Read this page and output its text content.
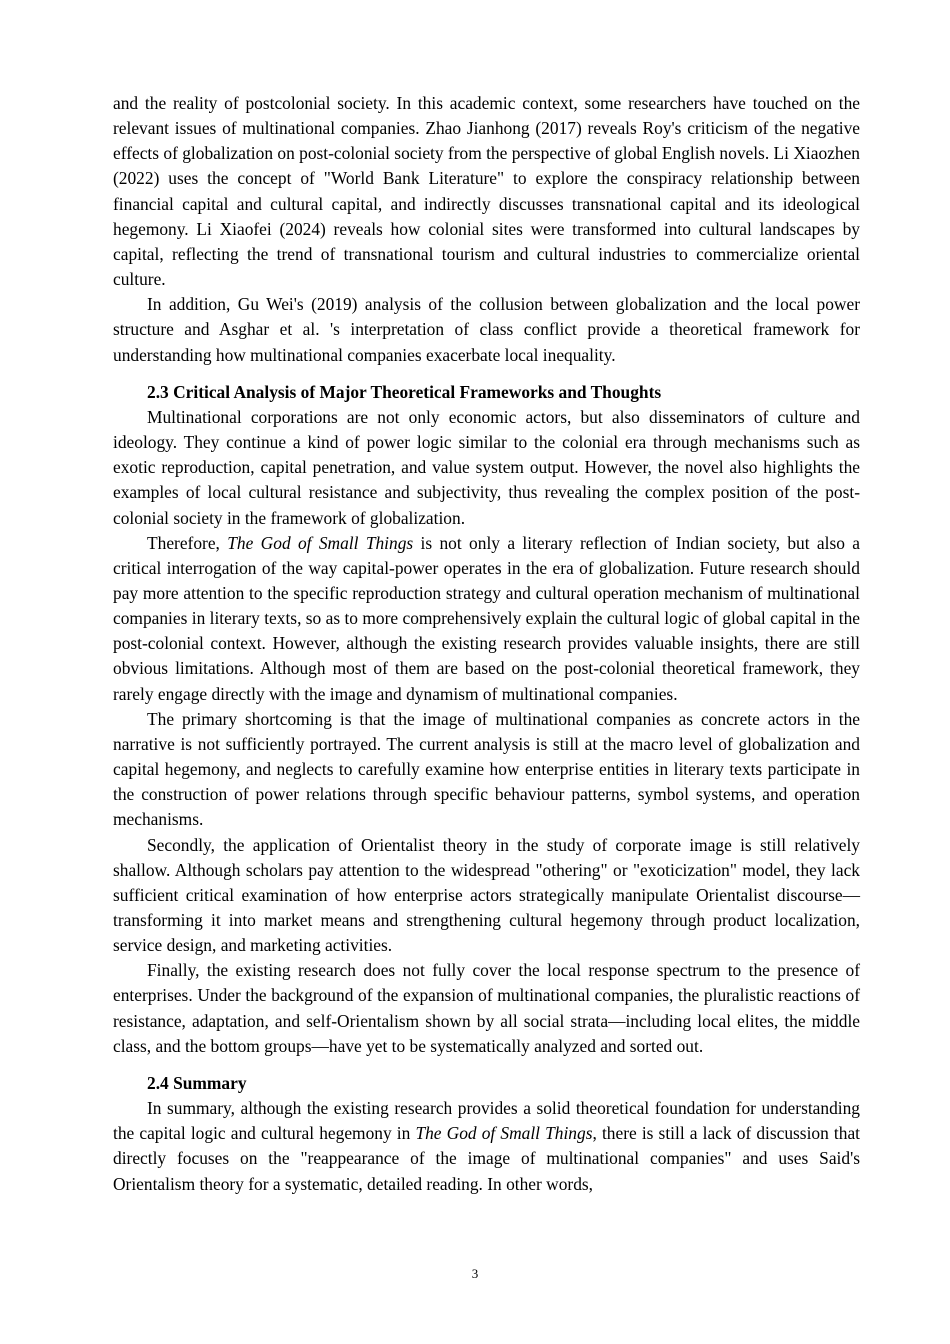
and the reality of postcolonial society. In this academic context, some researchers have touched on the relevant issues of multinational companies. Zhao Jianhong (2017) reveals Roy's criticism of the negative effects of globalization on post-colonial society from the perspective of global English novels. Li Xiaozhen (2022) uses the concept of "World Bank Literature" to explore the conspiracy relationship between financial capital and cultural capital, and indirectly discusses transnational capital and its ideological hegemony. Li Xiaofei (2024) reveals how colonial sites were transformed into cultural landscapes by capital, reflecting the trend of transnational tourism and cultural industries to commercialize oriental culture.

In addition, Gu Wei's (2019) analysis of the collusion between globalization and the local power structure and Asghar et al. 's interpretation of class conflict provide a theoretical framework for understanding how multinational companies exacerbate local inequality.

2.3 Critical Analysis of Major Theoretical Frameworks and Thoughts

Multinational corporations are not only economic actors, but also disseminators of culture and ideology. They continue a kind of power logic similar to the colonial era through mechanisms such as exotic reproduction, capital penetration, and value system output. However, the novel also highlights the examples of local cultural resistance and subjectivity, thus revealing the complex position of the post-colonial society in the framework of globalization.

Therefore, The God of Small Things is not only a literary reflection of Indian society, but also a critical interrogation of the way capital-power operates in the era of globalization. Future research should pay more attention to the specific reproduction strategy and cultural operation mechanism of multinational companies in literary texts, so as to more comprehensively explain the cultural logic of global capital in the post-colonial context. However, although the existing research provides valuable insights, there are still obvious limitations. Although most of them are based on the post-colonial theoretical framework, they rarely engage directly with the image and dynamism of multinational companies.

The primary shortcoming is that the image of multinational companies as concrete actors in the narrative is not sufficiently portrayed. The current analysis is still at the macro level of globalization and capital hegemony, and neglects to carefully examine how enterprise entities in literary texts participate in the construction of power relations through specific behaviour patterns, symbol systems, and operation mechanisms.

Secondly, the application of Orientalist theory in the study of corporate image is still relatively shallow. Although scholars pay attention to the widespread "othering" or "exoticization" model, they lack sufficient critical examination of how enterprise actors strategically manipulate Orientalist discourse—transforming it into market means and strengthening cultural hegemony through product localization, service design, and marketing activities.

Finally, the existing research does not fully cover the local response spectrum to the presence of enterprises. Under the background of the expansion of multinational companies, the pluralistic reactions of resistance, adaptation, and self-Orientalism shown by all social strata—including local elites, the middle class, and the bottom groups—have yet to be systematically analyzed and sorted out.

2.4 Summary

In summary, although the existing research provides a solid theoretical foundation for understanding the capital logic and cultural hegemony in The God of Small Things, there is still a lack of discussion that directly focuses on the "reappearance of the image of multinational companies" and uses Said's Orientalism theory for a systematic, detailed reading. In other words,

3
